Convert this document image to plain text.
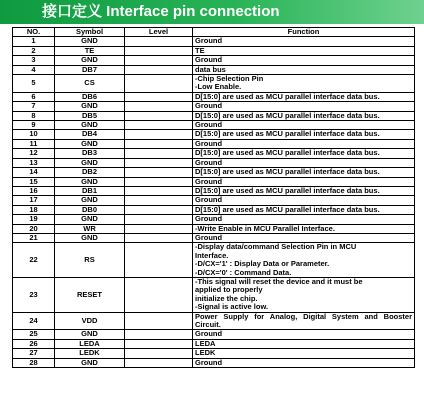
接口定义 Interface pin connection
NO.	Symbol	Level	Function
1	GND		Ground

2	TE		TE

3	GND		Ground

4	DB7		data bus

5	CS		-Chip Selection Pin
-Low Enable.

6	DB6		D[15:0] are used as MCU parallel interface data bus.

7	GND		Ground

8	DB5		D[15:0] are used as MCU parallel interface data bus.

9	GND		Ground

10	DB4		D[15:0] are used as MCU parallel interface data bus.

11	GND		Ground

12	DB3		D[15:0] are used as MCU parallel interface data bus.

13	GND		Ground

14	DB2		D[15:0] are used as MCU parallel interface data bus.

15	GND		Ground

16	DB1		D[15:0] are used as MCU parallel interface data bus.

17	GND		Ground

18	DB0		D[15:0] are used as MCU parallel interface data bus.

19	GND		Ground

20	WR		-Write Enable in MCU Parallel Interface.

21	GND		Ground

22	RS		-Display data/command Selection Pin in MCU
Interface.
-D/CX='1' : Display Data or Parameter.
-D/CX='0' : Command Data.

23	RESET		-This signal will reset the device and it must be
applied to properly
initialize the chip.
-Signal is active low.

24	VDD		Power Supply for Analog, Digital System and Booster Circuit.

25	GND		Ground

26	LEDA		LEDA

27	LEDK		LEDK

28	GND		Ground
